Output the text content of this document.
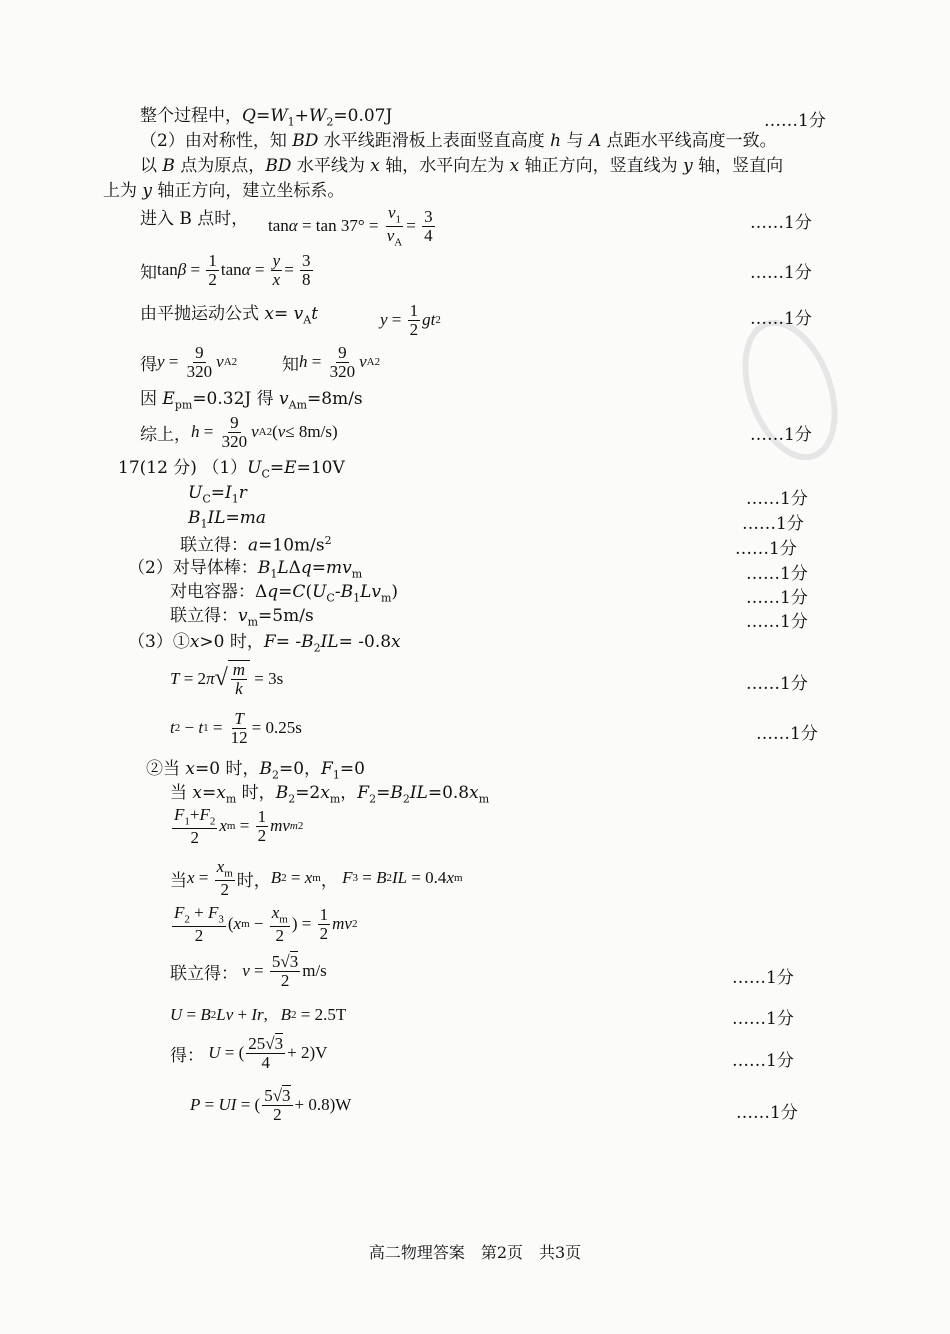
整个过程中，$Q=W_1+W_2=0.07J$	……1分
（2）由对称性，知 BD 水平线距滑板上表面竖直高度 h 与 A 点距水平线高度一致。
以 B 点为原点，BD 水平线为 x 轴，水平向左为 x 轴正方向，竖直线为 y 轴，竖直向
上为 y 轴正方向，建立坐标系。
进入 B 点时， tan α = tan 37° =
$v_1$
$v_A$
= 3
4
……1分
知 tan β = 1
2 tan α = y
x = 3
8	……1分
由平抛运动公式 $x= v_At$	y = 1
2 gt 2	……1分
得 y = 9
320 v A 2	知 h = 9
320 v A 2
因 $E_{pm}=0.32J$ 得 $v_{Am}=8m/s$
综上， h = 9
320 v A 2 ( v ≤ 8m/s)	……1分
17(12 分) $(1)U_C=E=10V$
$U_C=I_1r$	……1分
$B_1IL=ma$	……1分
联立得：$a=10m/s^2$	……1分
（2）对导体棒：$B_1L\Delta q=mv_m$	……1分
对电容器：$\Delta q=C(U_C-B_1Lv_m)$	……1分
联立得：$v_m=5m/s$	……1分
（3）①x>0 时，$F= -B_2IL= -0.8x$
T = 2 π √ $\frac{m}{k} = 3s$	……1分
t 2 − t 1 = T
12 = 0.25s	……1分
②当 x=0 时，$B_2=0$，$F_1=0$
当 $x=x_m$ 时，$B_2=2x_m$，$F_2=B_2IL=0.8x_m$
$F_1+F_2$
2
x m = 1
2 mv m 2
当 x =
$x_m$
2 时， B 2 = x m ， F 3 = B 2 IL = 0.4 x m
$F_2 + F_3$
2
( x m −
$x_m$
2
) = 1
2 mv 2
联立得：
v = 5√3
2 m/s	……1分
U = B 2 Lv + Ir , B 2 = 2.5T	……1分
得：
U = ( 25√3
4 + 2)V	……1分
P = UI = ( 5√3
2 + 0.8)W	……1分
高二物理答案　第2页　共3页
